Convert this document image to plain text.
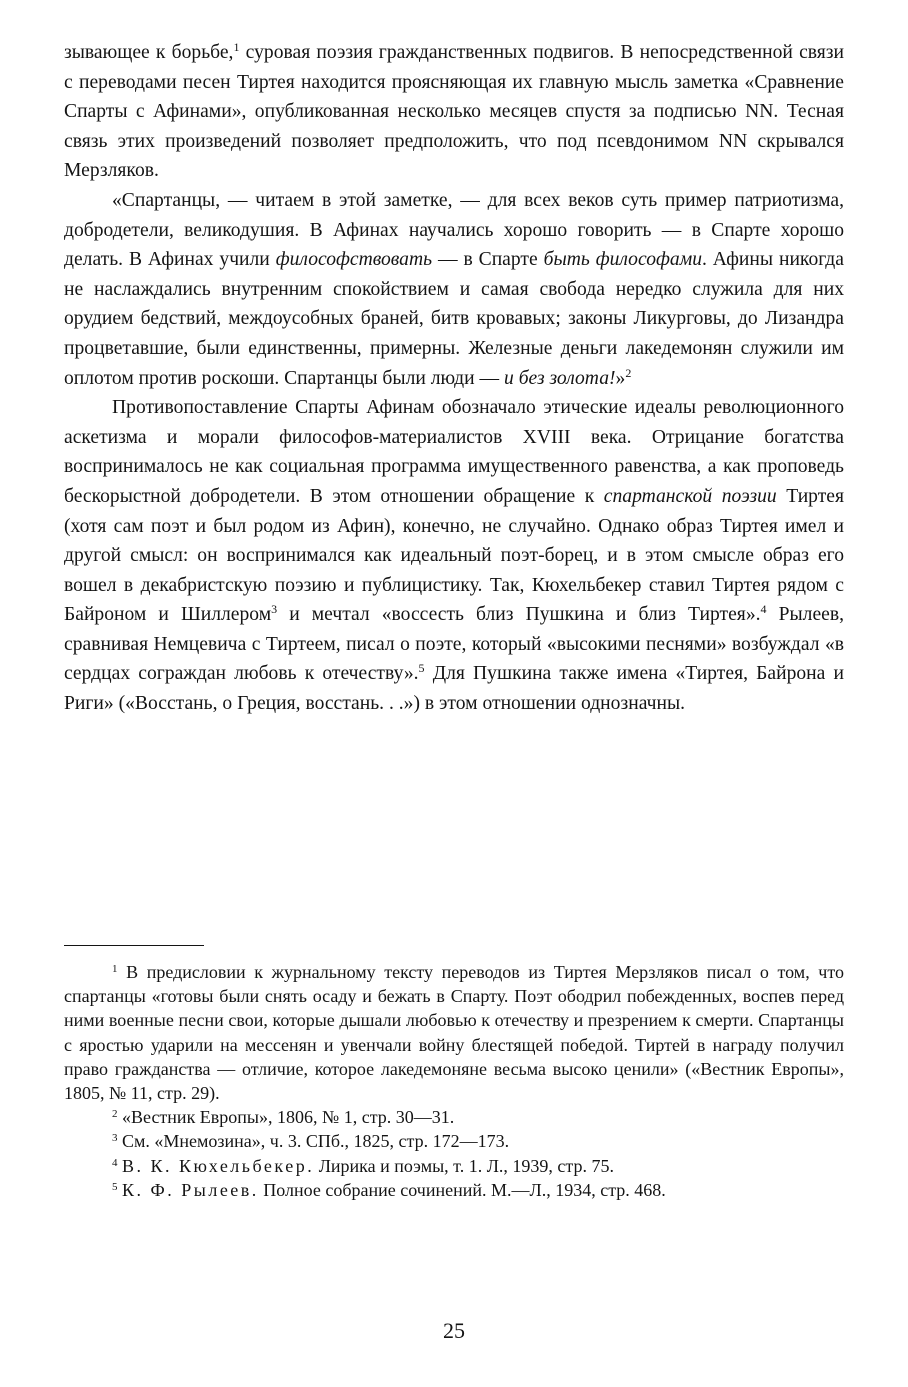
зывающее к борьбе,$^1$ суровая поэзия гражданственных подвигов. В непосредственной связи с переводами песен Тиртея находится проясняющая их главную мысль заметка «Сравнение Спарты с Афинами», опубликованная несколько месяцев спустя за подписью NN. Тесная связь этих произведений позволяет предположить, что под псевдонимом NN скрывался Мерзляков.

«Спартанцы, — читаем в этой заметке, — для всех веков суть пример патриотизма, добродетели, великодушия. В Афинах научались хорошо говорить — в Спарте хорошо делать. В Афинах учили философствовать — в Спарте быть философами. Афины никогда не наслаждались внутренним спокойствием и самая свобода нередко служила для них орудием бедствий, междоусобных браней, битв кровавых; законы Ликурговы, до Лизандра процветавшие, были единственны, примерны. Железные деньги лакедемонян служили им оплотом против роскоши. Спартанцы были люди — и без золота!»$^2$

Противопоставление Спарты Афинам обозначало этические идеалы революционного аскетизма и морали философов-материалистов XVIII века. Отрицание богатства воспринималось не как социальная программа имущественного равенства, а как проповедь бескорыстной добродетели. В этом отношении обращение к спартанской поэзии Тиртея (хотя сам поэт и был родом из Афин), конечно, не случайно. Однако образ Тиртея имел и другой смысл: он воспринимался как идеальный поэт-борец, и в этом смысле образ его вошел в декабристскую поэзию и публицистику. Так, Кюхельбекер ставил Тиртея рядом с Байроном и Шиллером$^3$ и мечтал «воссесть близ Пушкина и близ Тиртея».$^4$ Рылеев, сравнивая Немцевича с Тиртеем, писал о поэте, который «высокими песнями» возбуждал «в сердцах сограждан любовь к отечеству».$^5$ Для Пушкина также имена «Тиртея, Байрона и Риги» («Восстань, о Греция, восстань. . .») в этом отношении однозначны.

$^1$ В предисловии к журнальному тексту переводов из Тиртея Мерзляков писал о том, что спартанцы «готовы были снять осаду и бежать в Спарту. Поэт ободрил побежденных, воспев перед ними военные песни свои, которые дышали любовью к отечеству и презрением к смерти. Спартанцы с яростью ударили на мессенян и увенчали войну блестящей победой. Тиртей в награду получил право гражданства — отличие, которое лакедемоняне весьма высоко ценили» («Вестник Европы», 1805, № 11, стр. 29).

$^2$ «Вестник Европы», 1806, № 1, стр. 30—31.

$^3$ См. «Мнемозина», ч. 3. СПб., 1825, стр. 172—173.

$^4$ В. К. Кюхельбекер. Лирика и поэмы, т. 1. Л., 1939, стр. 75.

$^5$ К. Ф. Рылеев. Полное собрание сочинений. М.—Л., 1934, стр. 468.

25
